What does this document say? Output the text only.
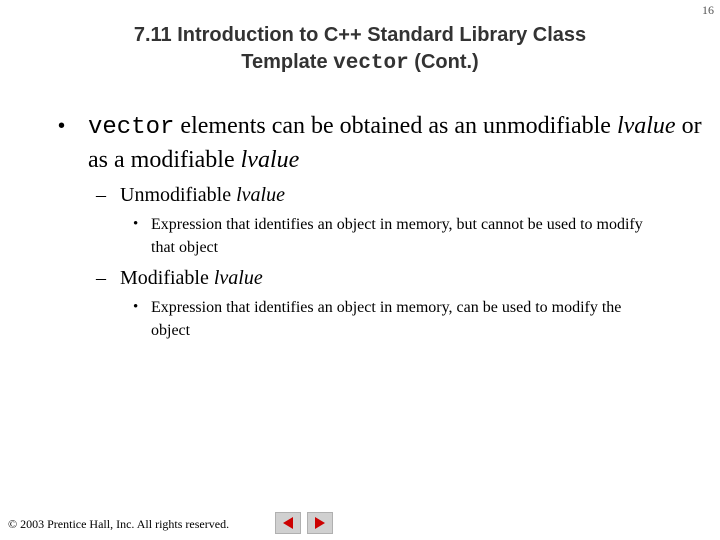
16
7.11 Introduction to C++ Standard Library Class
Template vector (Cont.)
• vector elements can be obtained as an unmodifiable lvalue or as a modifiable lvalue
– Unmodifiable lvalue
• Expression that identifies an object in memory, but cannot be used to modify that object
– Modifiable lvalue
• Expression that identifies an object in memory, can be used to modify the object
© 2003 Prentice Hall, Inc. All rights reserved.
